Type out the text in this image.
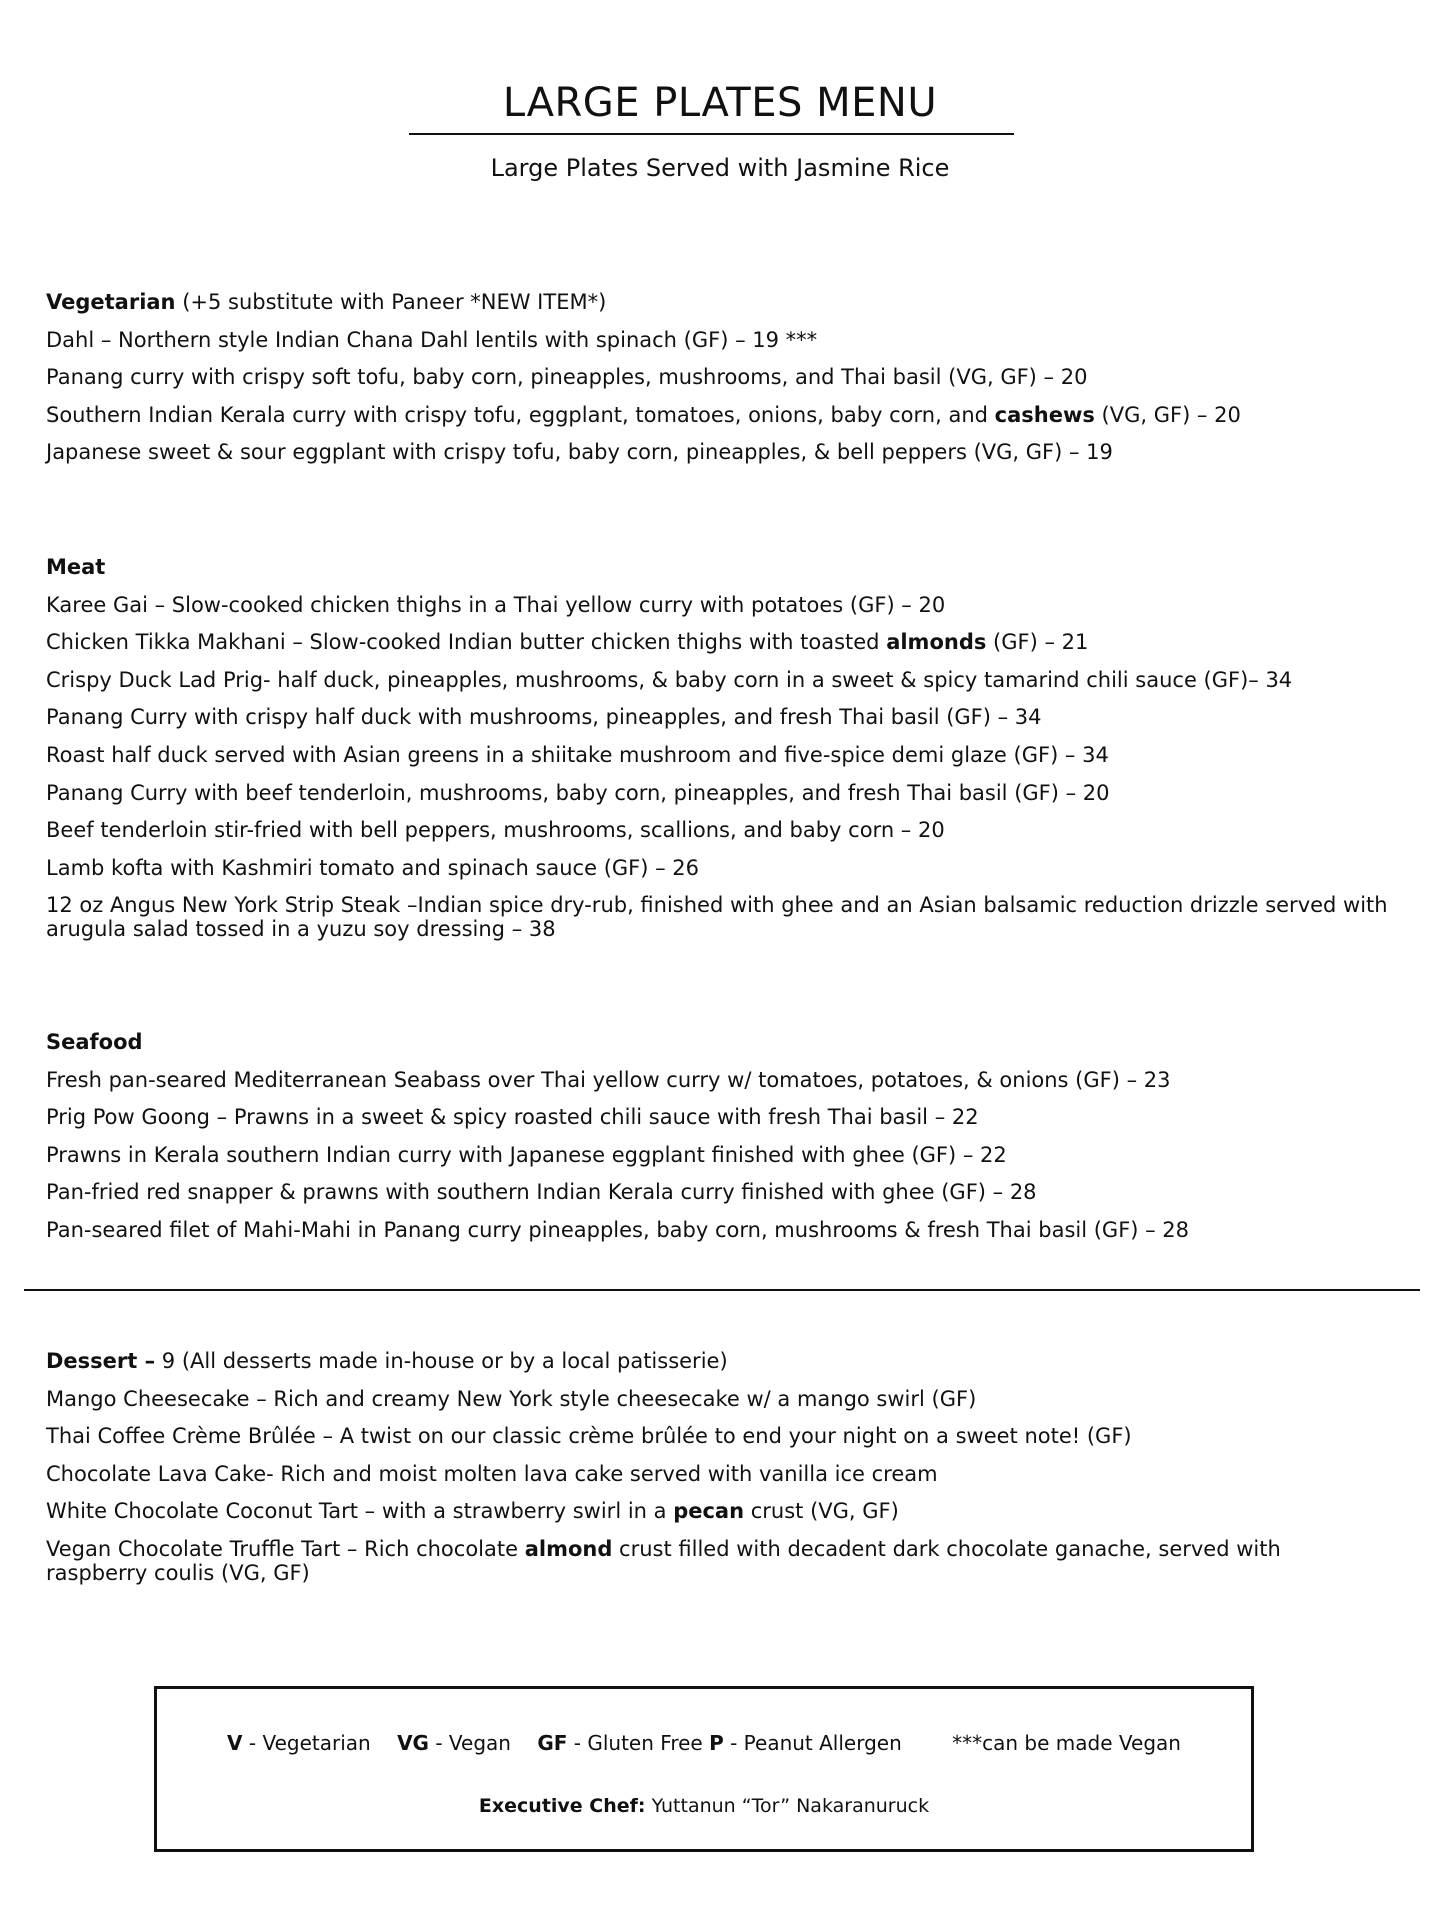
LARGE PLATES MENU
Large Plates Served with Jasmine Rice
Vegetarian (+5 substitute with Paneer *NEW ITEM*)
Dahl – Northern style Indian Chana Dahl lentils with spinach (GF) – 19 ***
Panang curry with crispy soft tofu, baby corn, pineapples, mushrooms, and Thai basil (VG, GF) – 20
Southern Indian Kerala curry with crispy tofu, eggplant, tomatoes, onions, baby corn, and cashews (VG, GF) – 20
Japanese sweet & sour eggplant with crispy tofu, baby corn, pineapples, & bell peppers (VG, GF) – 19
Meat
Karee Gai – Slow-cooked chicken thighs in a Thai yellow curry with potatoes (GF) – 20
Chicken Tikka Makhani – Slow-cooked Indian butter chicken thighs with toasted almonds (GF) – 21
Crispy Duck Lad Prig- half duck, pineapples, mushrooms, & baby corn in a sweet & spicy tamarind chili sauce (GF)– 34
Panang Curry with crispy half duck with mushrooms, pineapples, and fresh Thai basil (GF) – 34
Roast half duck served with Asian greens in a shiitake mushroom and five-spice demi glaze (GF) – 34
Panang Curry with beef tenderloin, mushrooms, baby corn, pineapples, and fresh Thai basil (GF) – 20
Beef tenderloin stir-fried with bell peppers, mushrooms, scallions, and baby corn – 20
Lamb kofta with Kashmiri tomato and spinach sauce (GF) – 26
12 oz Angus New York Strip Steak –Indian spice dry-rub, finished with ghee and an Asian balsamic reduction drizzle served with arugula salad tossed in a yuzu soy dressing – 38
Seafood
Fresh pan-seared Mediterranean Seabass over Thai yellow curry w/ tomatoes, potatoes, & onions (GF) – 23
Prig Pow Goong – Prawns in a sweet & spicy roasted chili sauce with fresh Thai basil – 22
Prawns in Kerala southern Indian curry with Japanese eggplant finished with ghee (GF) – 22
Pan-fried red snapper & prawns with southern Indian Kerala curry finished with ghee (GF) – 28
Pan-seared filet of Mahi-Mahi in Panang curry pineapples, baby corn, mushrooms & fresh Thai basil (GF) – 28
Dessert – 9 (All desserts made in-house or by a local patisserie)
Mango Cheesecake – Rich and creamy New York style cheesecake w/ a mango swirl (GF)
Thai Coffee Crème Brûlée – A twist on our classic crème brûlée to end your night on a sweet note! (GF)
Chocolate Lava Cake- Rich and moist molten lava cake served with vanilla ice cream
White Chocolate Coconut Tart – with a strawberry swirl in a pecan crust (VG, GF)
Vegan Chocolate Truffle Tart – Rich chocolate almond crust filled with decadent dark chocolate ganache, served with raspberry coulis (VG, GF)
V - Vegetarian VG - Vegan GF - Gluten Free P - Peanut Allergen	***can be made Vegan
Executive Chef: Yuttanun “Tor” Nakaranuruck
